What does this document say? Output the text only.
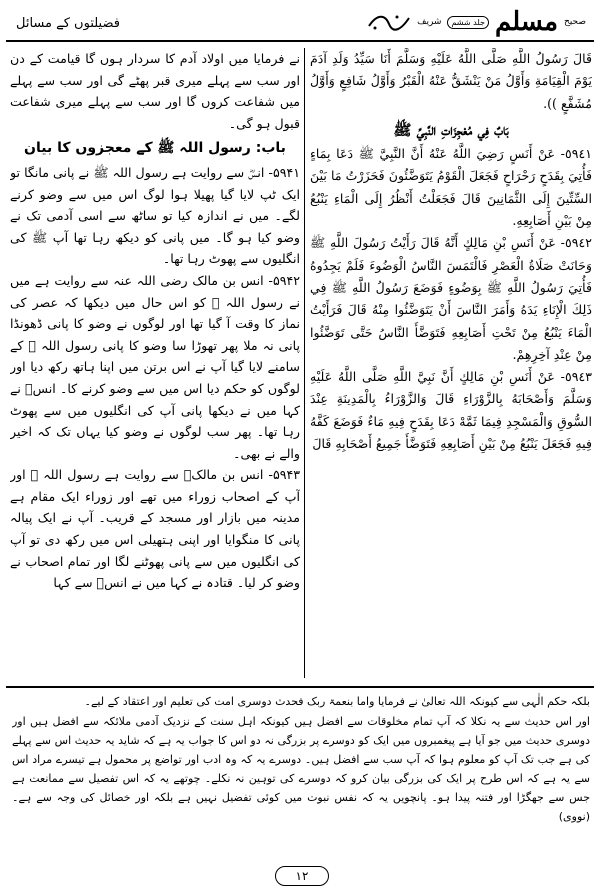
فضیلتوں کے مسائل	صحیح
مسلم
جلد ششم
شریف

قَالَ رَسُولُ اللَّهِ صَلَّى اللَّهُ عَلَيْهِ وَسَلَّمَ أَنَا سَيِّدُ وَلَدِ آدَمَ يَوْمَ الْقِيَامَةِ وَأَوَّلُ مَنْ يَنْشَقُّ عَنْهُ الْقَبْرُ وَأَوَّلُ شَافِعٍ وَأَوَّلُ مُشَفَّعٍ )).

بَابٌ فِي مُعْجِزَاتِ النَّبِيِّ ﷺ

٥٩٤١- عَنْ أَنَسٍ رَضِيَ اللَّهُ عَنْهُ أَنَّ النَّبِيَّ ﷺ دَعَا بِمَاءٍ فَأُتِيَ بِقَدَحٍ رَحْرَاحٍ فَجَعَلَ الْقَوْمُ يَتَوَضَّئُونَ فَحَزَرْتُ مَا بَيْنَ السِّتِّينَ إِلَى الثَّمَانِينَ قَالَ فَجَعَلْتُ أَنْظُرُ إِلَى الْمَاءِ يَنْبُعُ مِنْ بَيْنِ أَصَابِعِهِ.

٥٩٤٢- عَنْ أَنَسِ بْنِ مَالِكٍ أَنَّهُ قَالَ رَأَيْتُ رَسُولَ اللَّهِ ﷺ وَحَانَتْ صَلَاةُ الْعَصْرِ فَالْتَمَسَ النَّاسُ الْوَضُوءَ فَلَمْ يَجِدُوهُ فَأُتِيَ رَسُولُ اللَّهِ ﷺ بِوَضُوءٍ فَوَضَعَ رَسُولُ اللَّهِ ﷺ فِي ذَلِكَ الْإِنَاءِ يَدَهُ وَأَمَرَ النَّاسَ أَنْ يَتَوَضَّئُوا مِنْهُ قَالَ فَرَأَيْتُ الْمَاءَ يَنْبُعُ مِنْ تَحْتِ أَصَابِعِهِ فَتَوَضَّأَ النَّاسُ حَتَّى تَوَضَّئُوا مِنْ عِنْدِ آخِرِهِمْ.

٥٩٤٣- عَنْ أَنَسِ بْنِ مَالِكٍ أَنَّ نَبِيَّ اللَّهِ صَلَّى اللَّهُ عَلَيْهِ وَسَلَّمَ وَأَصْحَابَهُ بِالزَّوْرَاءِ قَالَ وَالزَّوْرَاءُ بِالْمَدِينَةِ عِنْدَ السُّوقِ وَالْمَسْجِدِ فِيمَا ثَمَّهْ دَعَا بِقَدَحٍ فِيهِ مَاءٌ فَوَضَعَ كَفَّهُ فِيهِ فَجَعَلَ يَنْبُعُ مِنْ بَيْنِ أَصَابِعِهِ فَتَوَضَّأَ جَمِيعُ أَصْحَابِهِ قَالَ

نے فرمایا میں اولاد آدم کا سردار ہوں گا قیامت کے دن اور سب سے پہلے میری قبر پھٹے گی اور سب سے پہلے میں شفاعت کروں گا اور سب سے پہلے میری شفاعت قبول ہو گی۔

باب: رسول اللہ ﷺ کے معجزوں کا بیان

۵۹۴۱- انسؓ سے روایت ہے رسول اللہ ﷺ نے پانی مانگا تو ایک ٹپ لایا گیا پھیلا ہوا لوگ اس میں سے وضو کرنے لگے۔ میں نے اندازہ کیا تو ساٹھ سے اسی آدمی تک نے وضو کیا ہو گا۔ میں پانی کو دیکھ رہا تھا آپ ﷺ کی انگلیوں سے پھوٹ رہا تھا۔

۵۹۴۲- انس بن مالک رضی اللہ عنہ سے روایت ہے میں نے رسول اللہ ﷺ کو اس حال میں دیکھا کہ عصر کی نماز کا وقت آ گیا تھا اور لوگوں نے وضو کا پانی ڈھونڈا پانی نہ ملا پھر تھوڑا سا وضو کا پانی رسول اللہ ﷺ کے سامنے لایا گیا آپ نے اس برتن میں اپنا ہاتھ رکھ دیا اور لوگوں کو حکم دیا اس میں سے وضو کرنے کا۔ انسؓ نے کہا میں نے دیکھا پانی آپ کی انگلیوں میں سے پھوٹ رہا تھا۔ پھر سب لوگوں نے وضو کیا یہاں تک کہ اخیر والے نے بھی۔

۵۹۴۳- انس بن مالکؓ سے روایت ہے رسول اللہ ﷺ اور آپ کے اصحاب زوراء میں تھے اور زوراء ایک مقام ہے مدینہ میں بازار اور مسجد کے قریب۔ آپ نے ایک پیالہ پانی کا منگوایا اور اپنی ہتھیلی اس میں رکھ دی تو آپ کی انگلیوں میں سے پانی پھوٹنے لگا اور تمام اصحاب نے وضو کر لیا۔ قتادہ نے کہا میں نے انسؓ سے کہا

بلکہ حکم الٰہی سے کیونکہ اللہ تعالیٰ نے فرمایا واما بنعمۃ ربک فحدث دوسری امت کی تعلیم اور اعتقاد کے لیے۔

اور اس حدیث سے یہ نکلا کہ آپ تمام مخلوقات سے افضل ہیں کیونکہ اہل سنت کے نزدیک آدمی ملائکہ سے افضل ہیں اور دوسری حدیث میں جو آیا ہے پیغمبروں میں ایک کو دوسرے پر بزرگی نہ دو اس کا جواب یہ ہے کہ شاید یہ حدیث اس سے پہلے کی ہے جب تک آپ کو معلوم ہوا کہ آپ سب سے افضل ہیں۔ دوسرے یہ کہ وہ ادب اور تواضع پر محمول ہے تیسرے مراد اس سے یہ ہے کہ اس طرح پر ایک کی بزرگی بیان کرو کہ دوسرے کی توہین نہ نکلے۔ چوتھے یہ کہ اس تفصیل سے ممانعت ہے جس سے جھگڑا اور فتنہ پیدا ہو۔ پانچویں یہ کہ نفس نبوت میں کوئی تفضیل نہیں ہے بلکہ اور خصائل کی وجہ سے ہے۔ (نووی)

۱۲
